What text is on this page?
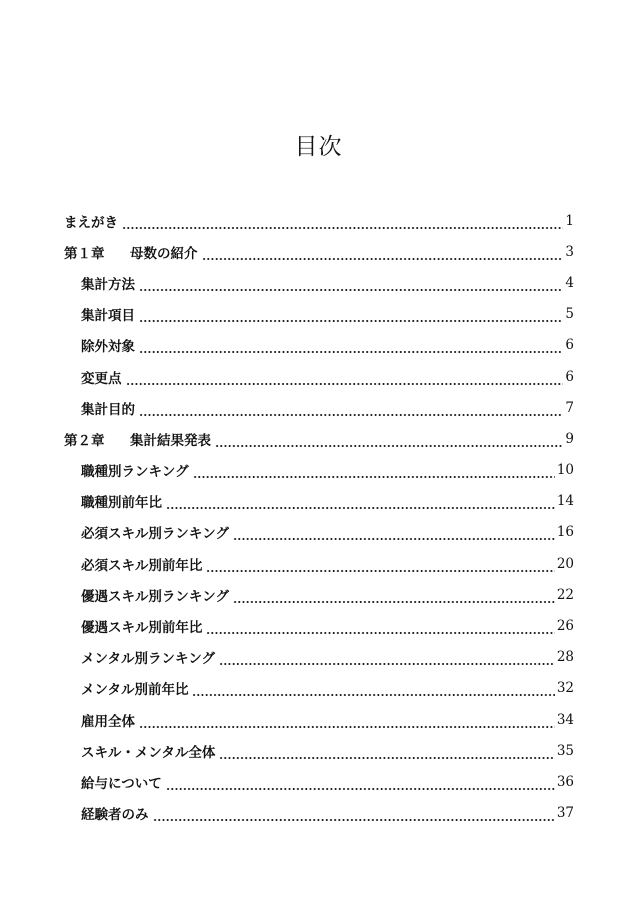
目次
まえがき	1
第１章 母数の紹介	3
集計方法	4
集計項目	5
除外対象	6
変更点	6
集計目的	7
第２章 集計結果発表	9
職種別ランキング	10
職種別前年比	14
必須スキル別ランキング	16
必須スキル別前年比	20
優遇スキル別ランキング	22
優遇スキル別前年比	26
メンタル別ランキング	28
メンタル別前年比	32
雇用全体	34
スキル・メンタル全体	35
給与について	36
経験者のみ	37
